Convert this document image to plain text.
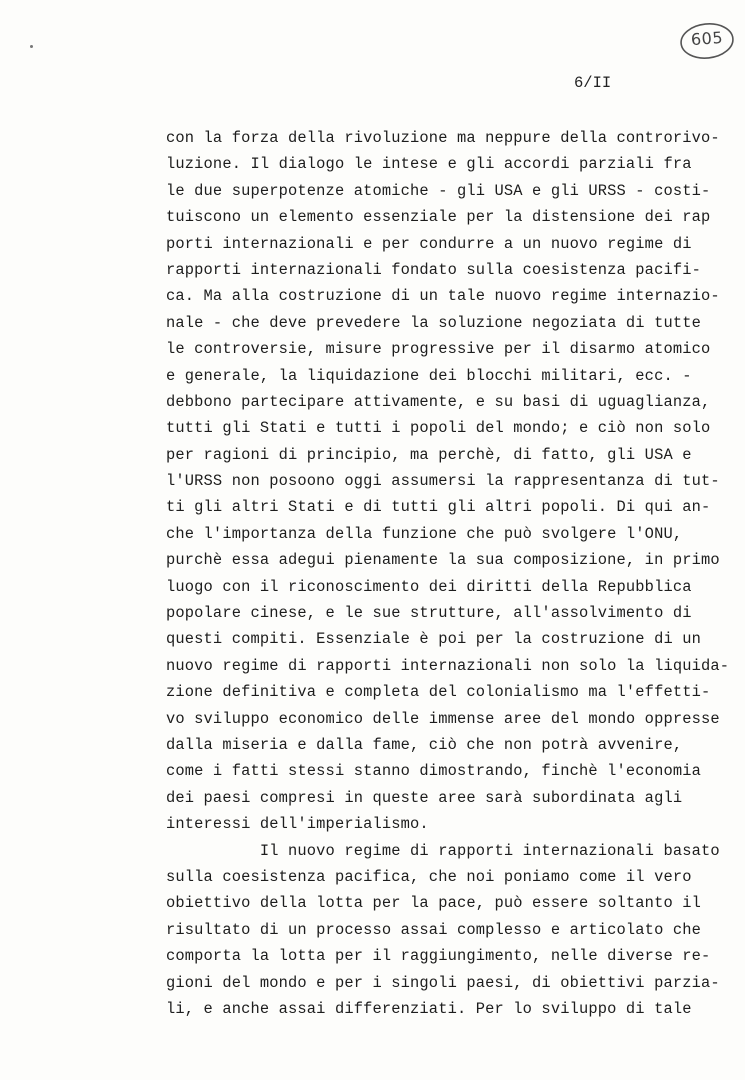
605
6/II
con la forza della rivoluzione ma neppure della controrivo-
luzione. Il dialogo le intese e gli accordi parziali fra
le due superpotenze atomiche - gli USA e gli URSS - costi-
tuiscono un elemento essenziale per la distensione dei rap
porti internazionali e per condurre a un nuovo regime di
rapporti internazionali fondato sulla coesistenza pacifi-
ca. Ma alla costruzione di un tale nuovo regime internazio-
nale - che deve prevedere la soluzione negoziata di tutte
le controversie, misure progressive per il disarmo atomico
e generale, la liquidazione dei blocchi militari, ecc. -
debbono partecipare attivamente, e su basi di uguaglianza,
tutti gli Stati e tutti i popoli del mondo; e ciò non solo
per ragioni di principio, ma perchè, di fatto, gli USA e
l'URSS non posoono oggi assumersi la rappresentanza di tut-
ti gli altri Stati e di tutti gli altri popoli. Di qui an-
che l'importanza della funzione che può svolgere l'ONU,
purchè essa adegui pienamente la sua composizione, in primo
luogo con il riconoscimento dei diritti della Repubblica
popolare cinese, e le sue strutture, all'assolvimento di
questi compiti. Essenziale è poi per la costruzione di un
nuovo regime di rapporti internazionali non solo la liquida-
zione definitiva e completa del colonialismo ma l'effetti-
vo sviluppo economico delle immense aree del mondo oppresse
dalla miseria e dalla fame, ciò che non potrà avvenire,
come i fatti stessi stanno dimostrando, finchè l'economia
dei paesi compresi in queste aree sarà subordinata agli
interessi dell'imperialismo.
Il nuovo regime di rapporti internazionali basato
sulla coesistenza pacifica, che noi poniamo come il vero
obiettivo della lotta per la pace, può essere soltanto il
risultato di un processo assai complesso e articolato che
comporta la lotta per il raggiungimento, nelle diverse re-
gioni del mondo e per i singoli paesi, di obiettivi parzia-
li, e anche assai differenziati. Per lo sviluppo di tale
